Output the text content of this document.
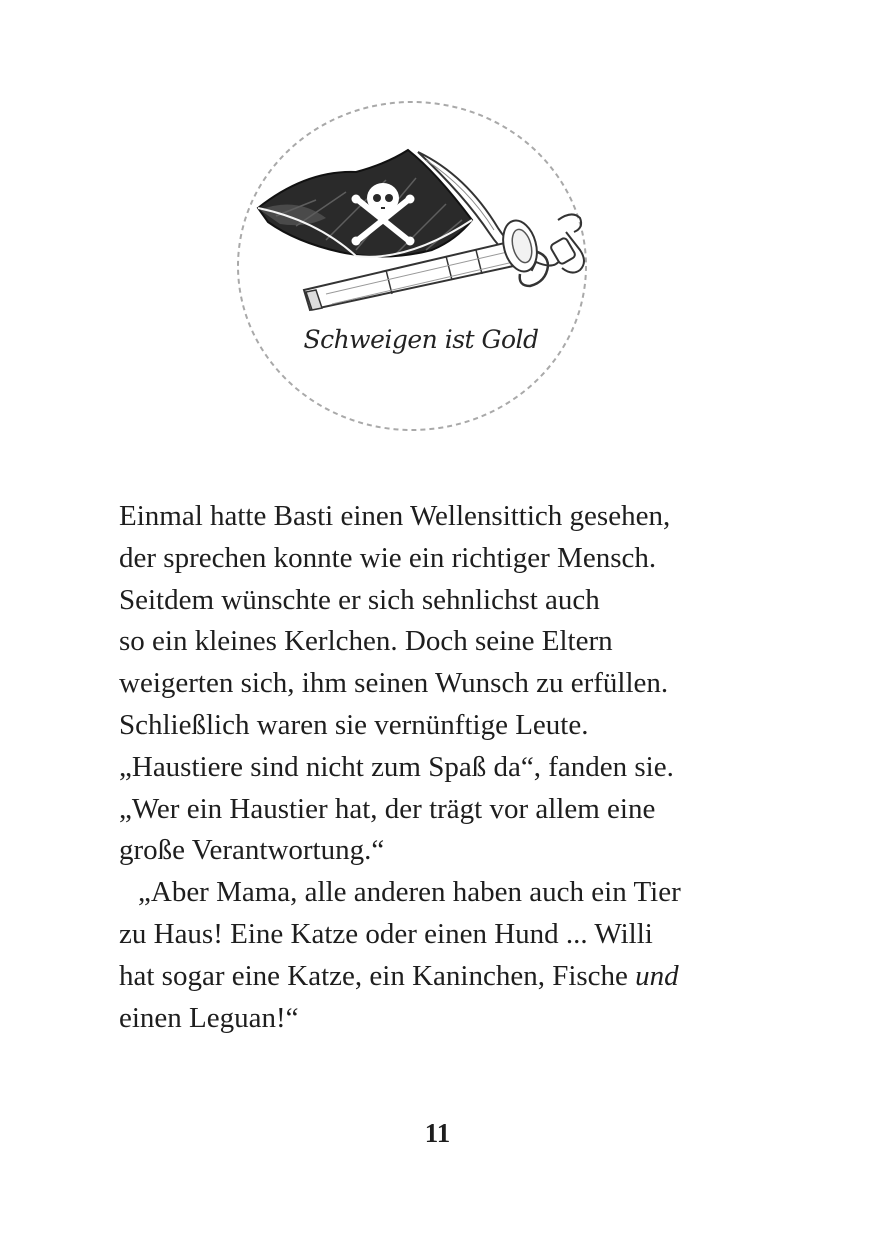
Schweigen ist Gold
Einmal hatte Basti einen Wellensittich gesehen,
der sprechen konnte wie ein richtiger Mensch.
Seitdem wünschte er sich sehnlichst auch
so ein kleines Kerlchen. Doch seine Eltern
weigerten sich, ihm seinen Wunsch zu erfüllen.
Schließlich waren sie vernünftige Leute.
„Haustiere sind nicht zum Spaß da“, fanden sie.
„Wer ein Haustier hat, der trägt vor allem eine
große Verantwortung.“
„Aber Mama, alle anderen haben auch ein Tier
zu Haus! Eine Katze oder einen Hund ... Willi
hat sogar eine Katze, ein Kaninchen, Fische und
einen Leguan!“
11
